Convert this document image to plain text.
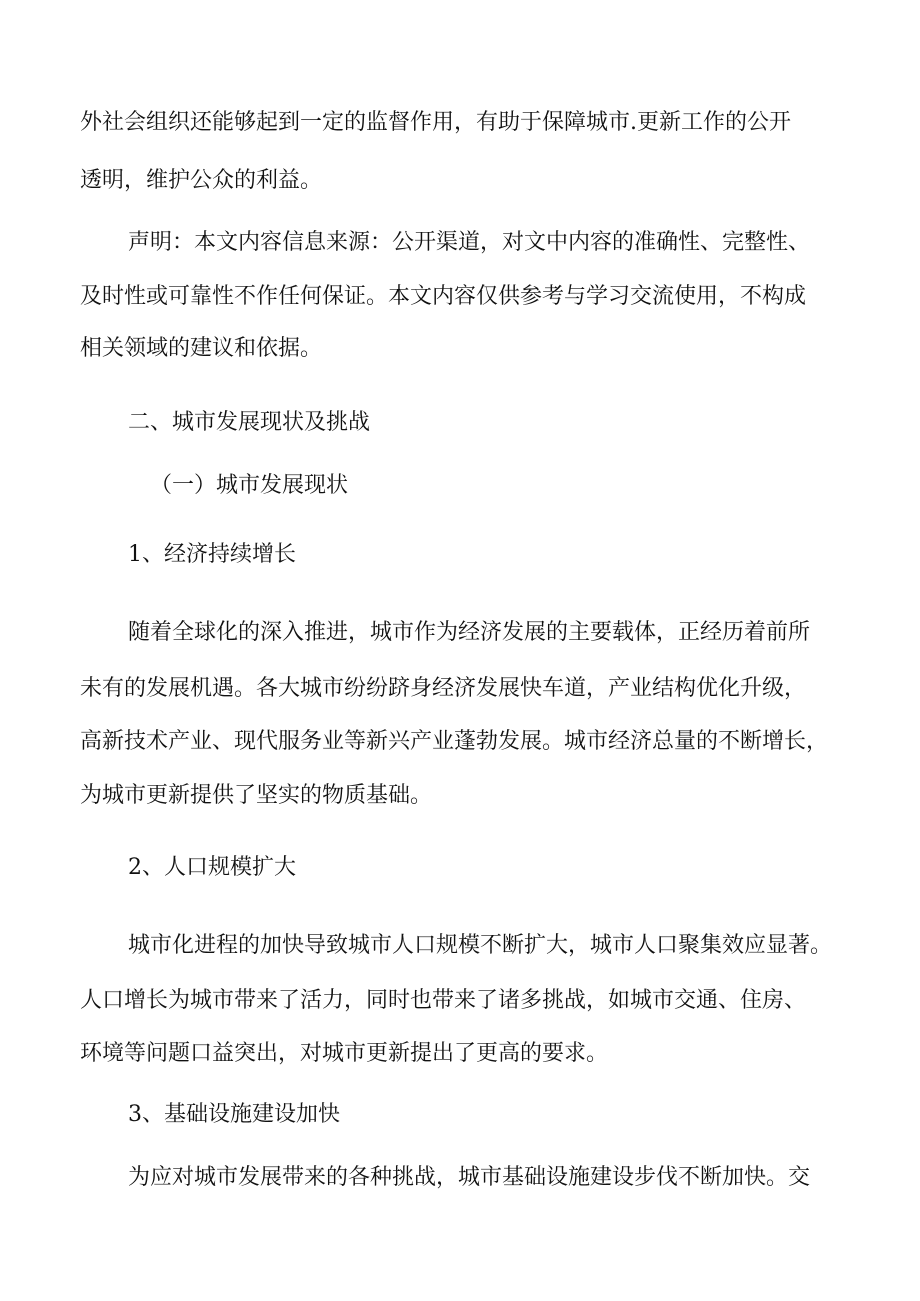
外社会组织还能够起到一定的监督作用，有助于保障城市.更新工作的公开
透明，维护公众的利益。
声明：本文内容信息来源：公开渠道，对文中内容的准确性、完整性、
及时性或可靠性不作任何保证。本文内容仅供参考与学习交流使用，不构成
相关领域的建议和依据。
二、城市发展现状及挑战
（一）城市发展现状
1、经济持续增长
随着全球化的深入推进，城市作为经济发展的主要载体，正经历着前所
未有的发展机遇。各大城市纷纷跻身经济发展快车道，产业结构优化升级，
高新技术产业、现代服务业等新兴产业蓬勃发展。城市经济总量的不断增长，
为城市更新提供了坚实的物质基础。
2、人口规模扩大
城市化进程的加快导致城市人口规模不断扩大，城市人口聚集效应显著。
人口增长为城市带来了活力，同时也带来了诸多挑战，如城市交通、住房、
环境等问题口益突出，对城市更新提出了更高的要求。
3、基础设施建设加快
为应对城市发展带来的各种挑战，城市基础设施建设步伐不断加快。交
